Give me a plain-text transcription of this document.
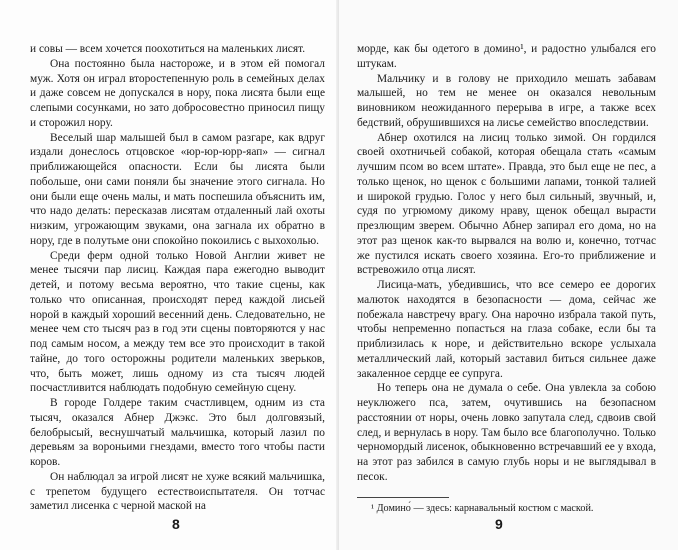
и совы — всем хочется поохотиться на маленьких лисят.

Она постоянно была настороже, и в этом ей помогал муж. Хотя он играл второстепенную роль в семейных делах и даже совсем не допускался в нору, пока лисята были еще слепыми сосунками, но зато добросовестно приносил пищу и сторожил нору.

Веселый шар малышей был в самом разгаре, как вдруг издали донеслось отцовское «юр-юр-юрр-яап» — сигнал приближающейся опасности. Если бы лисята были побольше, они сами поняли бы значение этого сигнала. Но они были еще очень малы, и мать поспешила объяснить им, что надо делать: пересказав лисятам отдаленный лай охоты низким, угрожающим звуками, она загнала их обратно в нору, где в полутьме они спокойно покоились с выхохолью.

Среди ферм одной только Новой Англии живет не менее тысячи пар лисиц. Каждая пара ежегодно выводит детей, и потому весьма вероятно, что такие сцены, как только что описанная, происходят перед каждой лисьей норой в каждый хороший весенний день. Следовательно, не менее чем сто тысяч раз в год эти сцены повторяются у нас под самым носом, а между тем все это происходит в такой тайне, до того осторожны родители маленьких зверьков, что, быть может, лишь одному из ста тысяч людей посчастливится наблюдать подобную семейную сцену.

В городе Голдере таким счастливцем, одним из ста тысяч, оказался Абнер Джэкс. Это был долговязый, белобрысый, веснушчатый мальчишка, который лазил по деревьям за вороньими гнездами, вместо того чтобы пасти коров.

Он наблюдал за игрой лисят не хуже всякий мальчишка, с трепетом будущего естествоиспытателя. Он тотчас заметил лисенка с черной маской на

8

морде, как бы одетого в домино¹, и радостно улыбался его штукам.

Мальчику и в голову не приходило мешать забавам малышей, но тем не менее он оказался невольным виновником неожиданного перерыва в игре, а также всех бедствий, обрушившихся на лисье семейство впоследствии.

Абнер охотился на лисиц только зимой. Он гордился своей охотничьей собакой, которая обещала стать «самым лучшим псом во всем штате». Правда, это был еще не пес, а только щенок, но щенок с большими лапами, тонкой талией и широкой грудью. Голос у него был сильный, звучный, и, судя по угрюмому дикому нраву, щенок обещал вырасти презлющим зверем. Обычно Абнер запирал его дома, но на этот раз щенок как-то вырвался на волю и, конечно, тотчас же пустился искать своего хозяина. Его-то приближение и встревожило отца лисят.

Лисица-мать, убедившись, что все семеро ее дорогих малюток находятся в безопасности — дома, сейчас же побежала навстречу врагу. Она нарочно избрала такой путь, чтобы непременно попасться на глаза собаке, если бы та приблизилась к норе, и действительно вскоре услыхала металлический лай, который заставил биться сильнее даже закаленное сердце ее супруга.

Но теперь она не думала о себе. Она увлекла за собою неуклюжего пса, затем, очутившись на безопасном расстоянии от норы, очень ловко запутала след, сдвоив свой след, и вернулась в нору. Там было все благополучно. Только черномордый лисенок, обыкновенно встречавший ее у входа, на этот раз забился в самую глубь норы и не выглядывал в песок.

¹ Домино́ — здесь: карнавальный костюм с маской.

9
